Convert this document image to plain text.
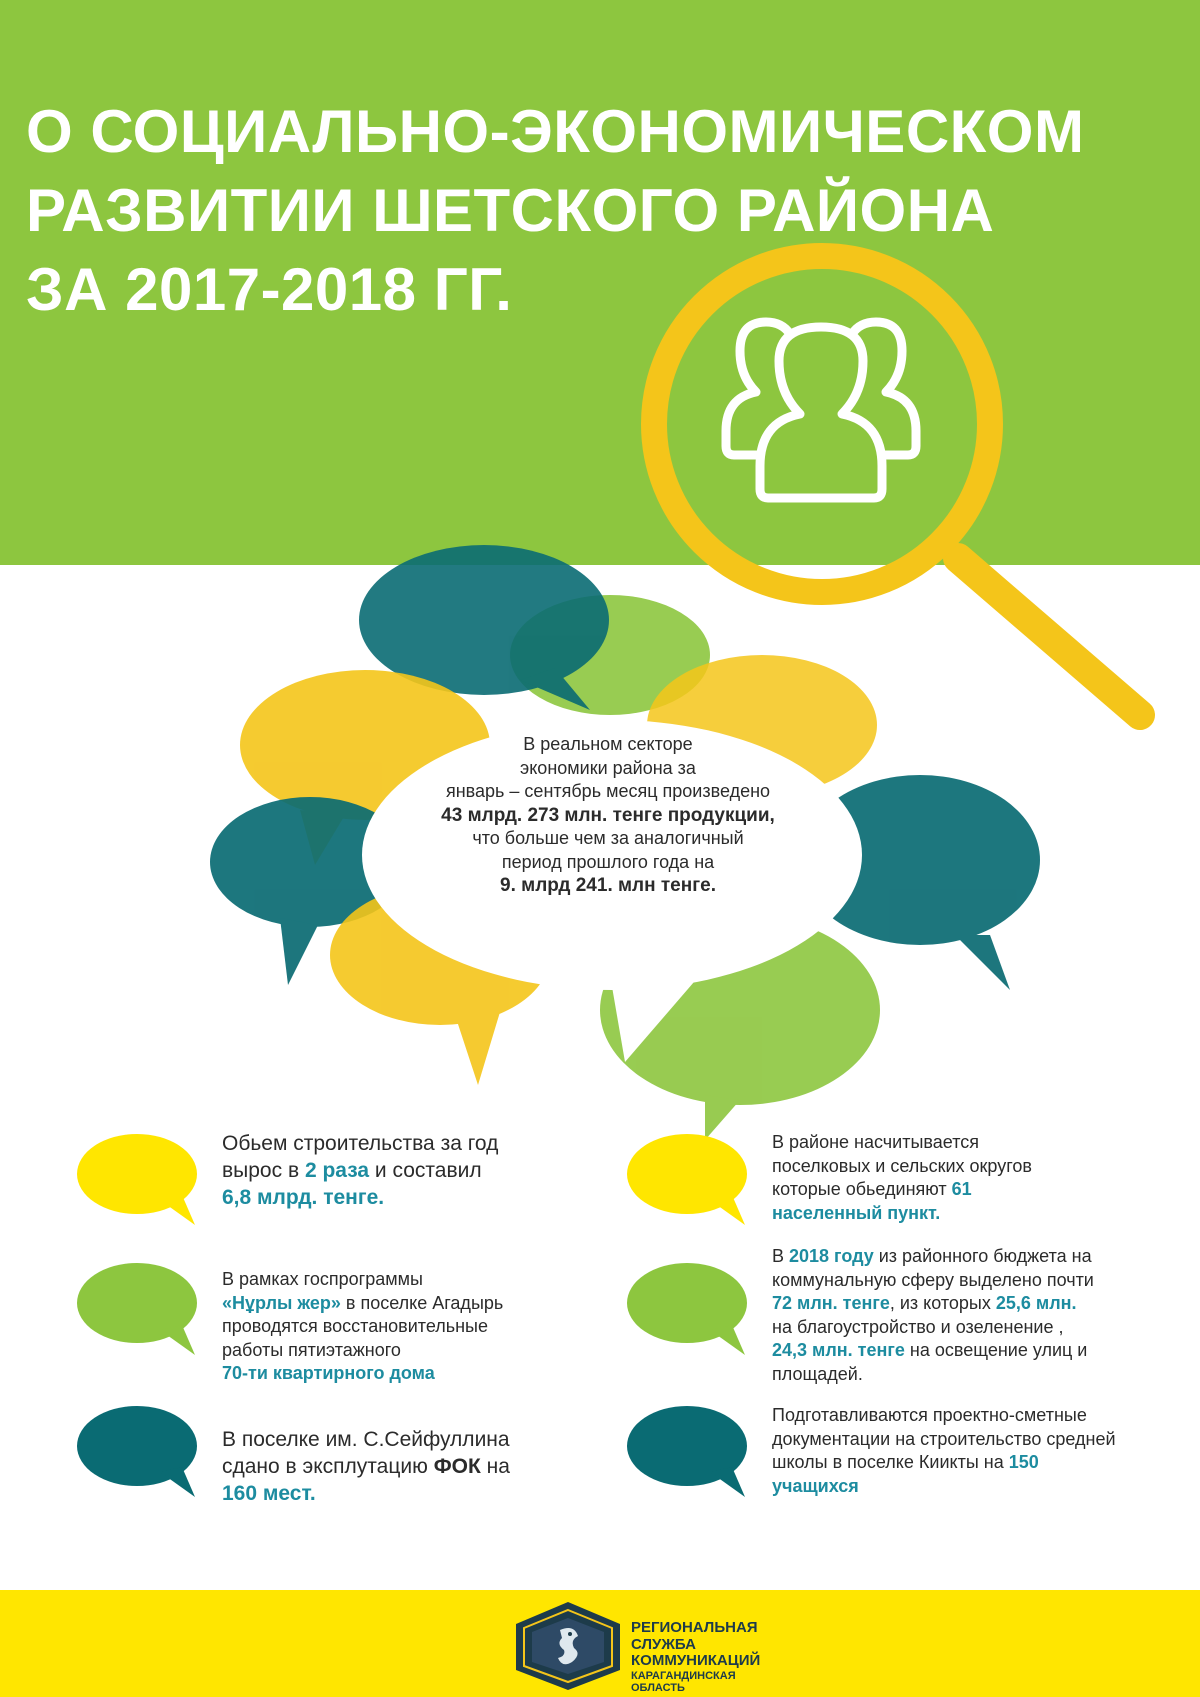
О СОЦИАЛЬНО-ЭКОНОМИЧЕСКОМ
РАЗВИТИИ ШЕТСКОГО РАЙОНА
ЗА 2017-2018 ГГ.
В реальном секторе
экономики района за
январь – сентябрь месяц произведено
43 млрд. 273 млн. тенге продукции,
что больше чем за аналогичный
период прошлого года на
9. млрд 241. млн тенге.
Обьем строительства за год
вырос в 2 раза и составил
6,8 млрд. тенге.
В рамках госпрограммы
«Нұрлы жер» в поселке Агадырь
проводятся восстановительные
работы пятиэтажного
70-ти квартирного дома
В поселке им. С.Сейфуллина
сдано в эксплутацию ФОК на
160 мест.
В районе насчитывается
поселковых и сельских округов
которые обьединяют 61
населенный пункт.
В 2018 году из районного бюджета на
коммунальную сферу выделено почти
72 млн. тенге, из которых 25,6 млн.
на благоустройство и озеленение ,
24,3 млн. тенге на освещение улиц и
площадей.
Подготавливаются проектно-сметные
документации на строительство средней
школы в поселке Киикты на 150
учащихся
РЕГИОНАЛЬНАЯ
СЛУЖБА
КОММУНИКАЦИЙ
КАРАГАНДИНСКАЯ
ОБЛАСТЬ
